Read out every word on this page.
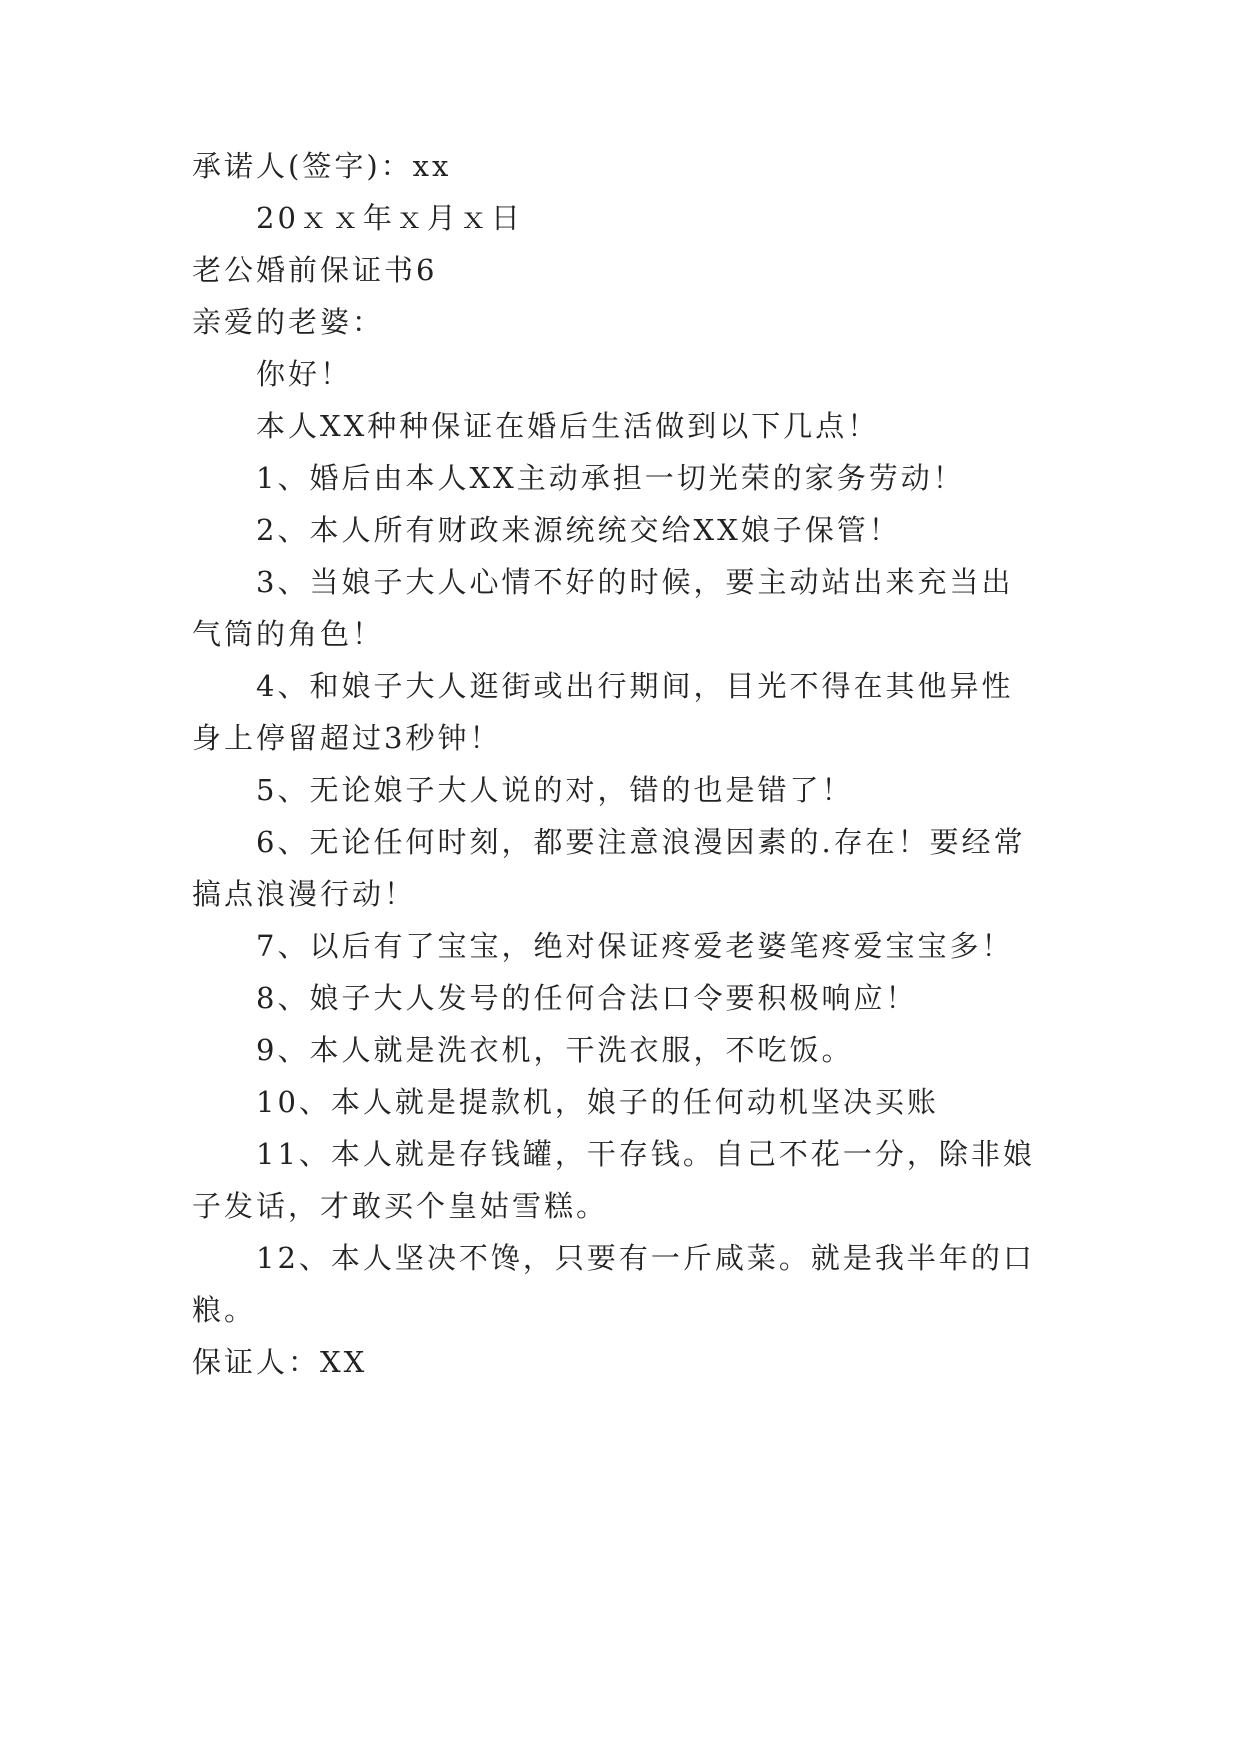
承诺人(签字)：xx
20ｘｘ年ｘ月ｘ日
老公婚前保证书6
亲爱的老婆：
你好！
本人XX种种保证在婚后生活做到以下几点！
1、婚后由本人XX主动承担一切光荣的家务劳动！
2、本人所有财政来源统统交给XX娘子保管！
3、当娘子大人心情不好的时候，要主动站出来充当出
气筒的角色！
4、和娘子大人逛街或出行期间，目光不得在其他异性
身上停留超过3秒钟！
5、无论娘子大人说的对，错的也是错了！
6、无论任何时刻，都要注意浪漫因素的.存在！要经常
搞点浪漫行动！
7、以后有了宝宝，绝对保证疼爱老婆笔疼爱宝宝多！
8、娘子大人发号的任何合法口令要积极响应！
9、本人就是洗衣机，干洗衣服，不吃饭。
10、本人就是提款机，娘子的任何动机坚决买账
11、本人就是存钱罐，干存钱。自己不花一分，除非娘
子发话，才敢买个皇姑雪糕。
12、本人坚决不馋，只要有一斤咸菜。就是我半年的口
粮。
保证人：XX
